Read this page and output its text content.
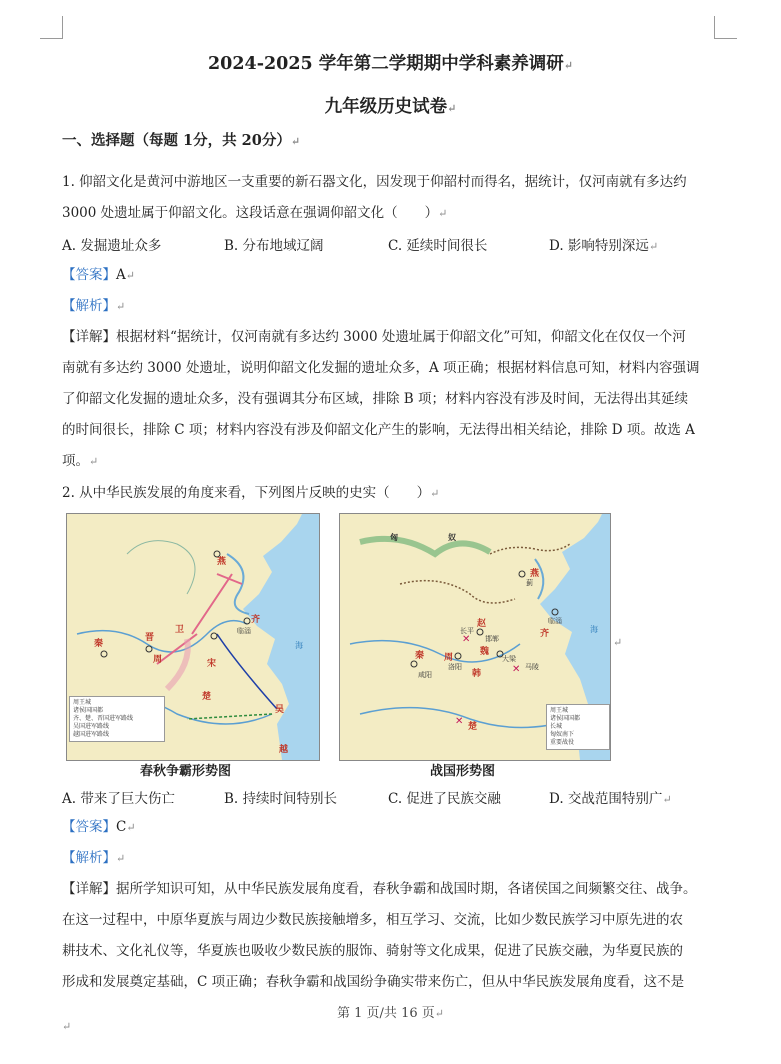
2024-2025 学年第二学期期中学科素养调研↵
九年级历史试卷↵
一、选择题（每题 1分，共 20分）↵
1. 仰韶文化是黄河中游地区一支重要的新石器文化，因发现于仰韶村而得名，据统计，仅河南就有多达约
3000 处遗址属于仰韶文化。这段话意在强调仰韶文化（　　）↵
A. 发掘遗址众多	B. 分布地域辽阔	C. 延续时间很长	D. 影响特别深远↵
【答案】A↵
【解析】↵
【详解】根据材料“据统计，仅河南就有多达约 3000 处遗址属于仰韶文化”可知，仰韶文化在仅仅一个河
南就有多达约 3000 处遗址，说明仰韶文化发掘的遗址众多，A 项正确；根据材料信息可知，材料内容强调
了仰韶文化发掘的遗址众多，没有强调其分布区域，排除 B 项；材料内容没有涉及时间，无法得出其延续
的时间很长，排除 C 项；材料内容没有涉及仰韶文化产生的影响，无法得出相关结论，排除 D 项。故选 A
项。↵
2. 从中华民族发展的角度来看，下列图片反映的史实（　　）↵
燕
齐
晋
秦
楚
吴
越
宋
卫	临淄
周
海
周王城
诸侯国国都
齐、楚、晋国进军路线
吴国进军路线
越国进军路线
春秋争霸形势图
✕
✕
✕
匈	奴
燕
赵
齐
秦	魏
韩
楚
长平
邯郸
大梁
马陵
洛阳
咸阳
蓟
临淄
周
海
周王城
诸侯国国都
长城
匈奴南下
重要战役
战国形势图
↵
A. 带来了巨大伤亡	B. 持续时间特别长	C. 促进了民族交融	D. 交战范围特别广↵
【答案】C↵
【解析】↵
【详解】据所学知识可知，从中华民族发展角度看，春秋争霸和战国时期，各诸侯国之间频繁交往、战争。
在这一过程中，中原华夏族与周边少数民族接触增多，相互学习、交流，比如少数民族学习中原先进的农
耕技术、文化礼仪等，华夏族也吸收少数民族的服饰、骑射等文化成果，促进了民族交融，为华夏民族的
形成和发展奠定基础，C 项正确；春秋争霸和战国纷争确实带来伤亡，但从中华民族发展角度看，这不是
第 1 页/共 16 页↵
↵
